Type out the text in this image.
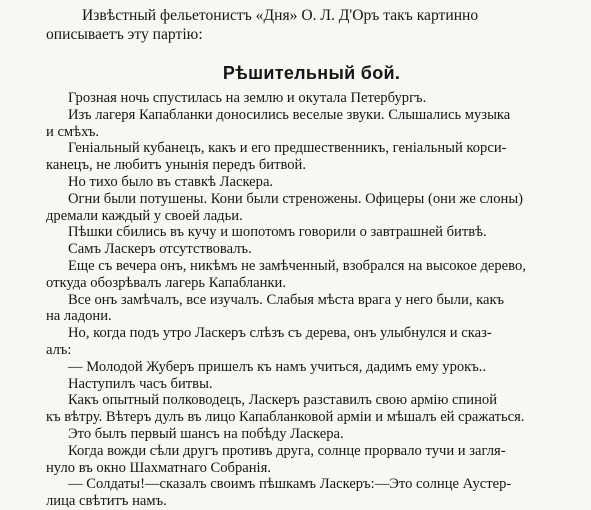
Извѣстный фельетонистъ «Дня» О. Л. Д'Оръ такъ картинно
описываетъ эту партію:
Рѣшительный бой.
Грозная ночь спустилась на землю и окутала Петербургъ.
Изъ лагеря Капабланки доносились веселые звуки. Слышались музыка
и смѣхъ.
Геніальный кубанецъ, какъ и его предшественникъ, геніальный корси-
канецъ, не любитъ унынія передъ битвой.
Но тихо было въ ставкѣ Ласкера.
Огни были потушены. Кони были стреножены. Офицеры (они же слоны)
дремали каждый у своей ладьи.
Пѣшки сбились въ кучу и шопотомъ говорили о завтрашней битвѣ.
Самъ Ласкеръ отсутствовалъ.
Еще съ вечера онъ, никѣмъ не замѣченный, взобрался на высокое дерево,
откуда обозрѣвалъ лагерь Капабланки.
Все онъ замѣчалъ, все изучалъ. Слабыя мѣста врага у него были, какъ
на ладони.
Но, когда подъ утро Ласкеръ слѣзъ съ дерева, онъ улыбнулся и сказ-
алъ:
— Молодой Жуберъ пришелъ къ намъ учиться, дадимъ ему урокъ..
Наступилъ часъ битвы.
Какъ опытный полководецъ, Ласкеръ разставилъ свою армію спиной
къ вѣтру. Вѣтеръ дулъ въ лицо Капабланковой арміи и мѣшалъ ей сражаться.
Это былъ первый шансъ на побѣду Ласкера.
Когда вожди сѣли другъ противъ друга, солнце прорвало тучи и загля-
нуло въ окно Шахматнаго Собранія.
— Солдаты!—сказалъ своимъ пѣшкамъ Ласкеръ:—Это солнце Аустер-
лица свѣтитъ намъ.
